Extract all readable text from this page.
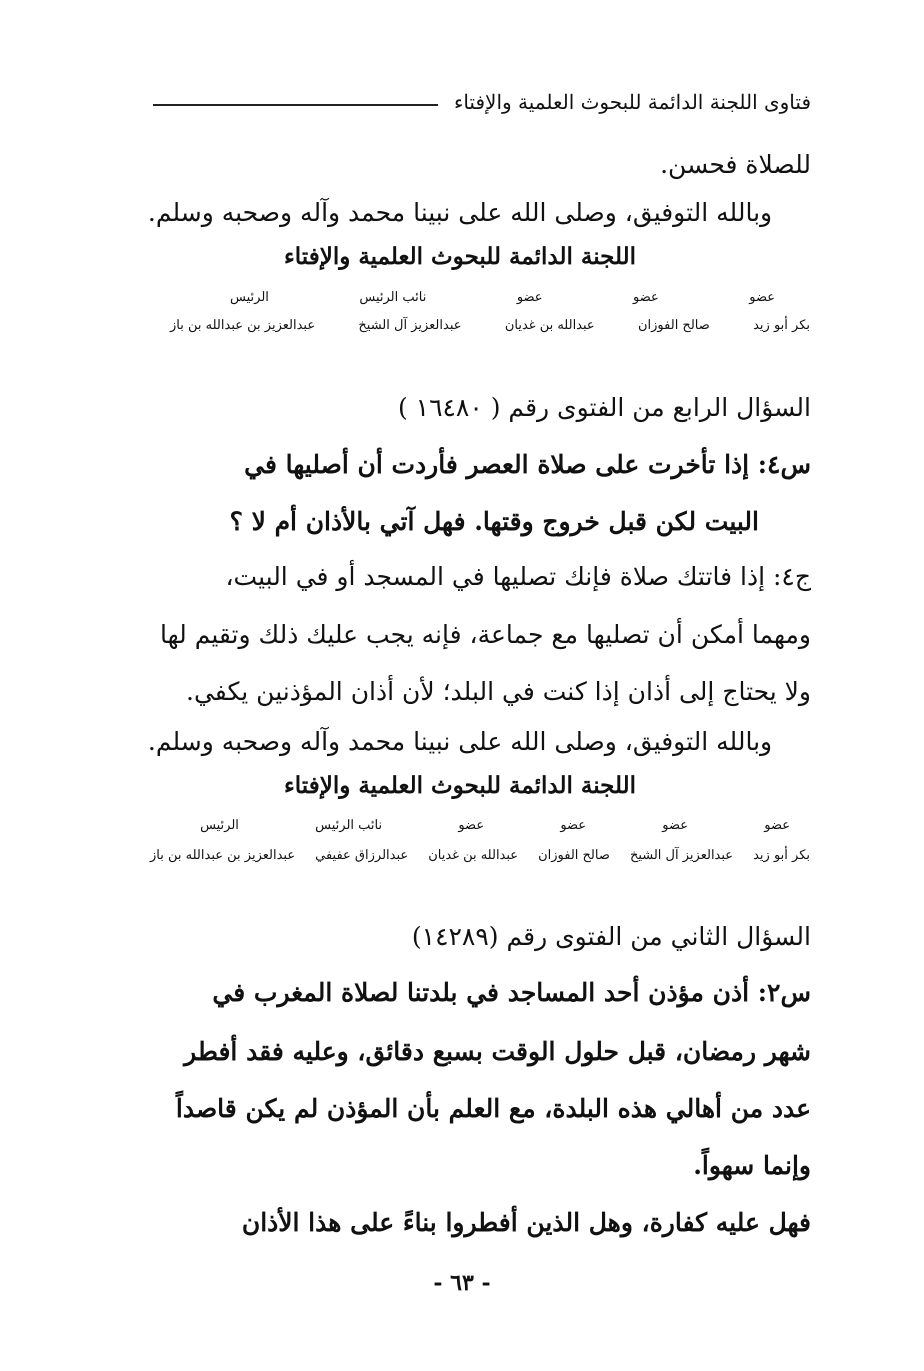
فتاوى اللجنة الدائمة للبحوث العلمية والإفتاء
للصلاة فحسن.
وبالله التوفيق، وصلى الله على نبينا محمد وآله وصحبه وسلم.
اللجنة الدائمة للبحوث العلمية والإفتاء
عضو
عضو
عضو
نائب الرئيس
الرئيس
بكر أبو زيد
صالح الفوزان
عبدالله بن غديان
عبدالعزيز آل الشيخ
عبدالعزيز بن عبدالله بن باز
السؤال الرابع من الفتوى رقم ( ١٦٤٨٠ )
س٤: إذا تأخرت على صلاة العصر فأردت أن أصليها في
البيت لكن قبل خروج وقتها. فهل آتي بالأذان أم لا ؟
ج٤: إذا فاتتك صلاة فإنك تصليها في المسجد أو في البيت،
ومهما أمكن أن تصليها مع جماعة، فإنه يجب عليك ذلك وتقيم لها
ولا يحتاج إلى أذان إذا كنت في البلد؛ لأن أذان المؤذنين يكفي.
وبالله التوفيق، وصلى الله على نبينا محمد وآله وصحبه وسلم.
اللجنة الدائمة للبحوث العلمية والإفتاء
عضو
عضو
عضو
عضو
نائب الرئيس
الرئيس
بكر أبو زيد
عبدالعزيز آل الشيخ
صالح الفوزان
عبدالله بن غديان
عبدالرزاق عفيفي
عبدالعزيز بن عبدالله بن باز
السؤال الثاني من الفتوى رقم (١٤٢٨٩)
س٢: أذن مؤذن أحد المساجد في بلدتنا لصلاة المغرب في
شهر رمضان، قبل حلول الوقت بسبع دقائق، وعليه فقد أفطر
عدد من أهالي هذه البلدة، مع العلم بأن المؤذن لم يكن قاصداً
وإنما سهواً.
فهل عليه كفارة، وهل الذين أفطروا بناءً على هذا الأذان
- ٦٣ -
